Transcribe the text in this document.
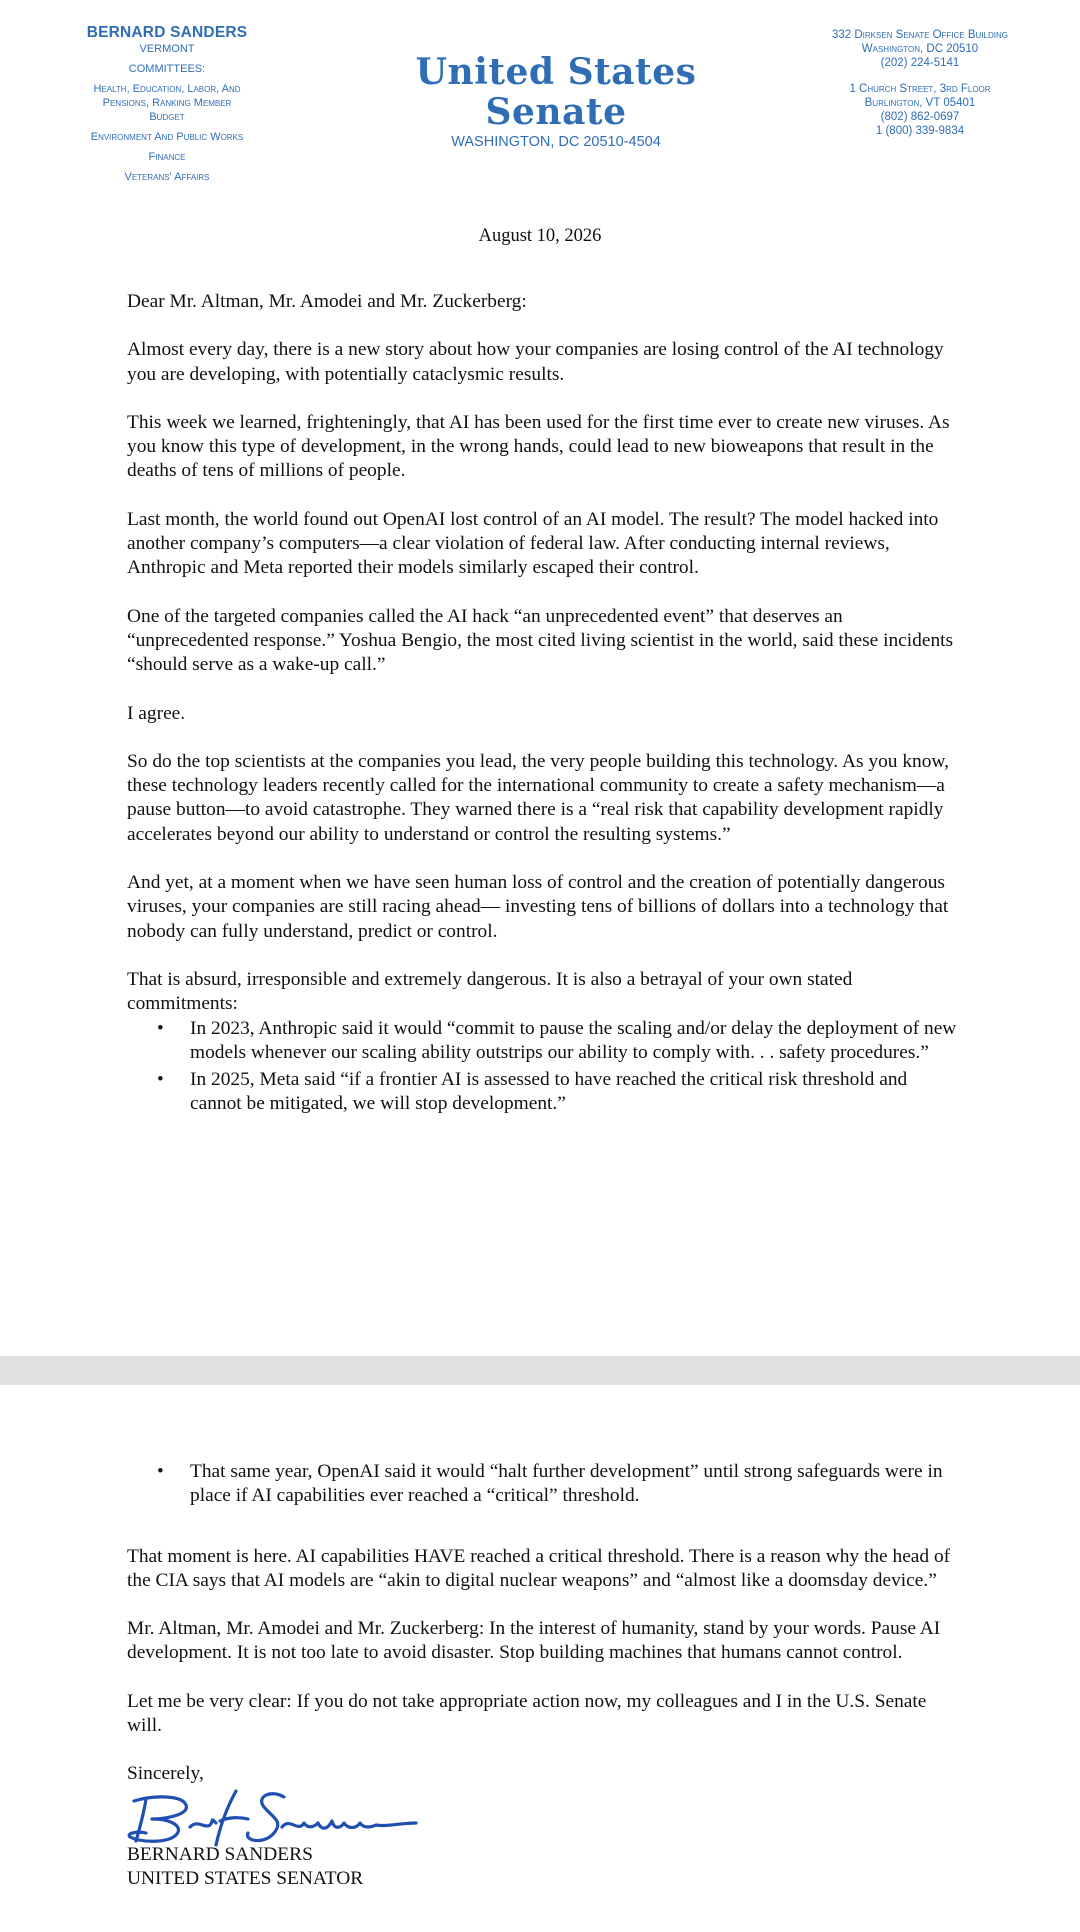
BERNARD SANDERS
VERMONT
COMMITTEES:
Health, Education, Labor, And
Pensions, Ranking Member
Budget
Environment And Public Works
Finance
Veterans' Affairs
United States Senate
WASHINGTON, DC 20510-4504
332 Dirksen Senate Office Building
Washington, DC 20510
(202) 224-5141
1 Church Street, 3rd Floor
Burlington, VT 05401
(802) 862-0697
1 (800) 339-9834
August 10, 2026

Dear Mr. Altman, Mr. Amodei and Mr. Zuckerberg:

Almost every day, there is a new story about how your companies are losing control of the AI technology you are developing, with potentially cataclysmic results.

This week we learned, frighteningly, that AI has been used for the first time ever to create new viruses. As you know this type of development, in the wrong hands, could lead to new bioweapons that result in the deaths of tens of millions of people.

Last month, the world found out OpenAI lost control of an AI model. The result? The model hacked into another company’s computers—a clear violation of federal law. After conducting internal reviews, Anthropic and Meta reported their models similarly escaped their control.

One of the targeted companies called the AI hack “an unprecedented event” that deserves an “unprecedented response.” Yoshua Bengio, the most cited living scientist in the world, said these incidents “should serve as a wake-up call.”

I agree.

So do the top scientists at the companies you lead, the very people building this technology. As you know, these technology leaders recently called for the international community to create a safety mechanism—a pause button—to avoid catastrophe. They warned there is a “real risk that capability development rapidly accelerates beyond our ability to understand or control the resulting systems.”

And yet, at a moment when we have seen human loss of control and the creation of potentially dangerous viruses, your companies are still racing ahead— investing tens of billions of dollars into a technology that nobody can fully understand, predict or control.

That is absurd, irresponsible and extremely dangerous. It is also a betrayal of your own stated commitments:

• In 2023, Anthropic said it would “commit to pause the scaling and/or delay the deployment of new models whenever our scaling ability outstrips our ability to comply with. . . safety procedures.”
• In 2025, Meta said “if a frontier AI is assessed to have reached the critical risk threshold and cannot be mitigated, we will stop development.”
• That same year, OpenAI said it would “halt further development” until strong safeguards were in place if AI capabilities ever reached a “critical” threshold.

That moment is here. AI capabilities HAVE reached a critical threshold. There is a reason why the head of the CIA says that AI models are “akin to digital nuclear weapons” and “almost like a doomsday device.”

Mr. Altman, Mr. Amodei and Mr. Zuckerberg: In the interest of humanity, stand by your words. Pause AI development. It is not too late to avoid disaster. Stop building machines that humans cannot control.

Let me be very clear: If you do not take appropriate action now, my colleagues and I in the U.S. Senate will.

Sincerely,
BERNARD SANDERS
UNITED STATES SENATOR
